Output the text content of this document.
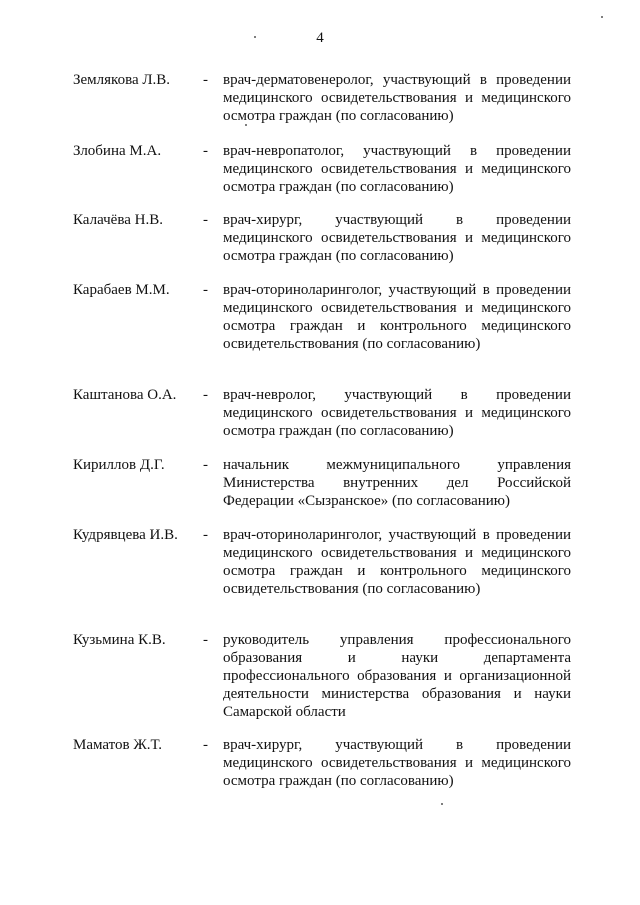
4
Землякова Л.В. - врач-дерматовенеролог, участвующий в проведении медицинского освидетельствования и медицинского осмотра граждан (по согласованию)
Злобина М.А.	- врач-невропатолог, участвующий в проведении медицинского освидетельствования и медицинского осмотра граждан (по согласованию)
Калачёва Н.В.	- врач-хирург, участвующий в проведении медицинского освидетельствования и медицинского осмотра граждан (по согласованию)
Карабаев М.М. - врач-оториноларинголог, участвующий в проведении медицинского освидетельствования и медицинского осмотра граждан и контрольного медицинского освидетельствования (по согласованию)
Каштанова О.А. - врач-невролог, участвующий в проведении медицинского освидетельствования и медицинского осмотра граждан (по согласованию)
Кириллов Д.Г.	- начальник межмуниципального управления Министерства внутренних дел Российской Федерации «Сызранское» (по согласованию)
Кудрявцева И.В. - врач-оториноларинголог, участвующий в проведении медицинского освидетельствования и медицинского осмотра граждан и контрольного медицинского освидетельствования (по согласованию)
Кузьмина К.В. - руководитель управления профессионального образования и науки департамента профессионального образования и организационной деятельности министерства образования и науки Самарской области
Маматов Ж.Т.	- врач-хирург, участвующий в проведении медицинского освидетельствования и медицинского осмотра граждан (по согласованию)
